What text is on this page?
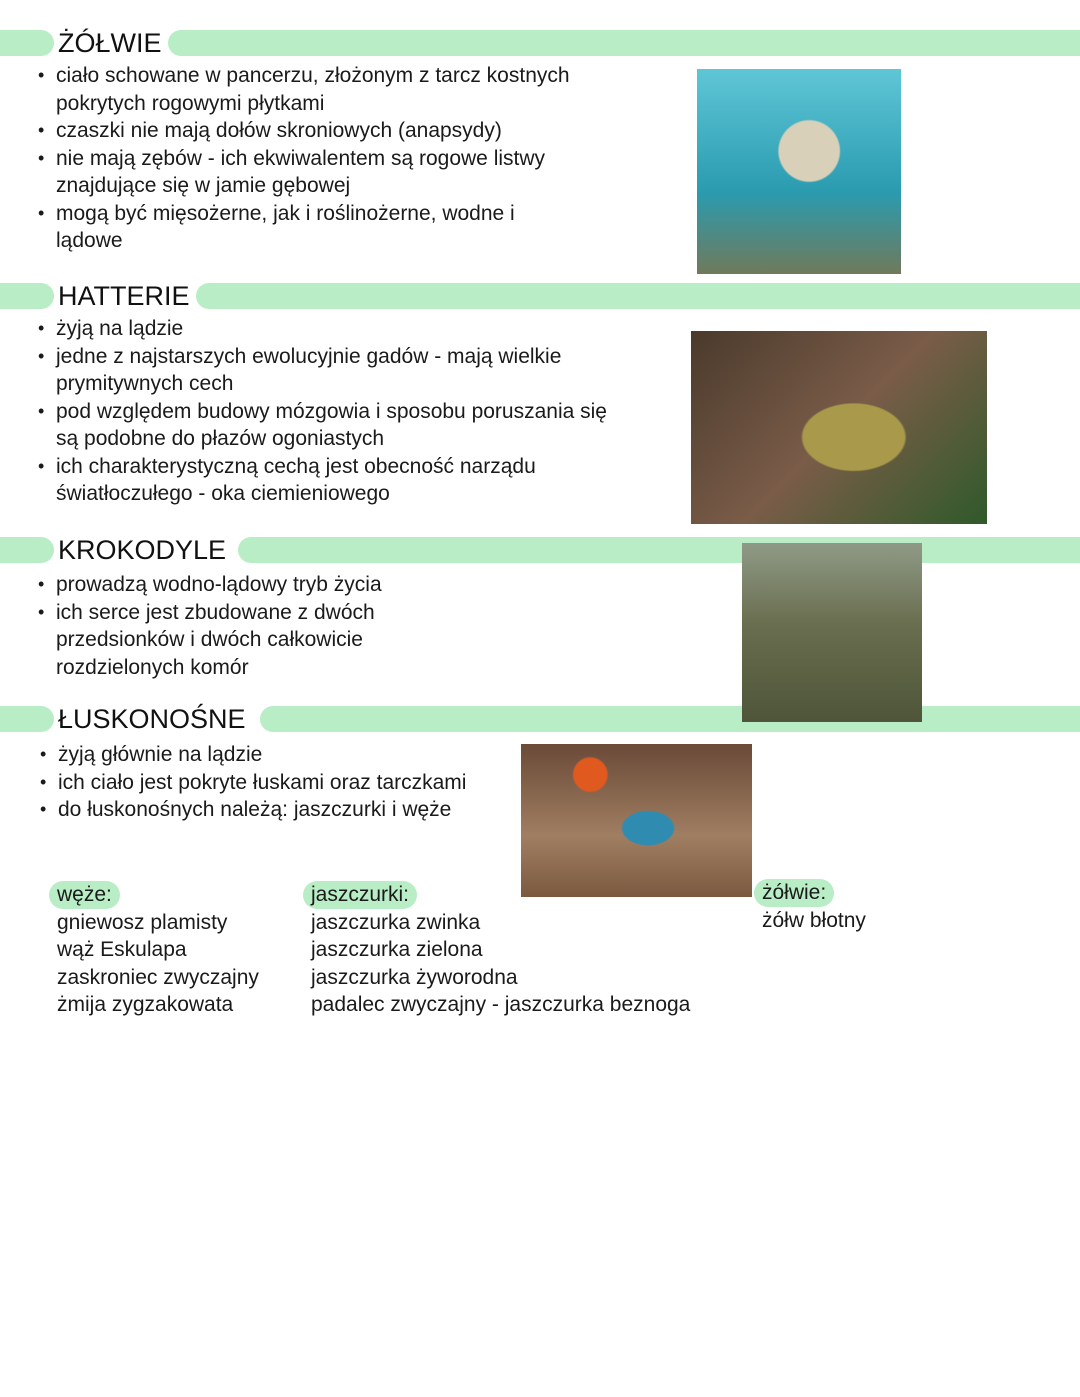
ŻÓŁWIE
• ciało schowane w pancerzu, złożonym z tarcz kostnych pokrytych rogowymi płytkami
• czaszki nie mają dołów skroniowych (anapsydy)
• nie mają zębów - ich ekwiwalentem są rogowe listwy znajdujące się w jamie gębowej
• mogą być mięsożerne, jak i roślinożerne, wodne i lądowe
HATTERIE
• żyją na lądzie
• jedne z najstarszych ewolucyjnie gadów - mają wielkie prymitywnych cech
• pod względem budowy mózgowia i sposobu poruszania się są podobne do płazów ogoniastych
• ich charakterystyczną cechą jest obecność narządu światłoczułego - oka ciemieniowego
KROKODYLE
• prowadzą wodno-lądowy tryb życia
• ich serce jest zbudowane z dwóch przedsionków i dwóch całkowicie rozdzielonych komór
ŁUSKONOŚNE
• żyją głównie na lądzie
• ich ciało jest pokryte łuskami oraz tarczkami
• do łuskonośnych należą: jaszczurki i węże
węże:
gniewosz plamisty
wąż Eskulapa
zaskroniec zwyczajny
żmija zygzakowata
jaszczurki:
jaszczurka zwinka
jaszczurka zielona
jaszczurka żyworodna
padalec zwyczajny - jaszczurka beznoga
żółwie:
żółw błotny
